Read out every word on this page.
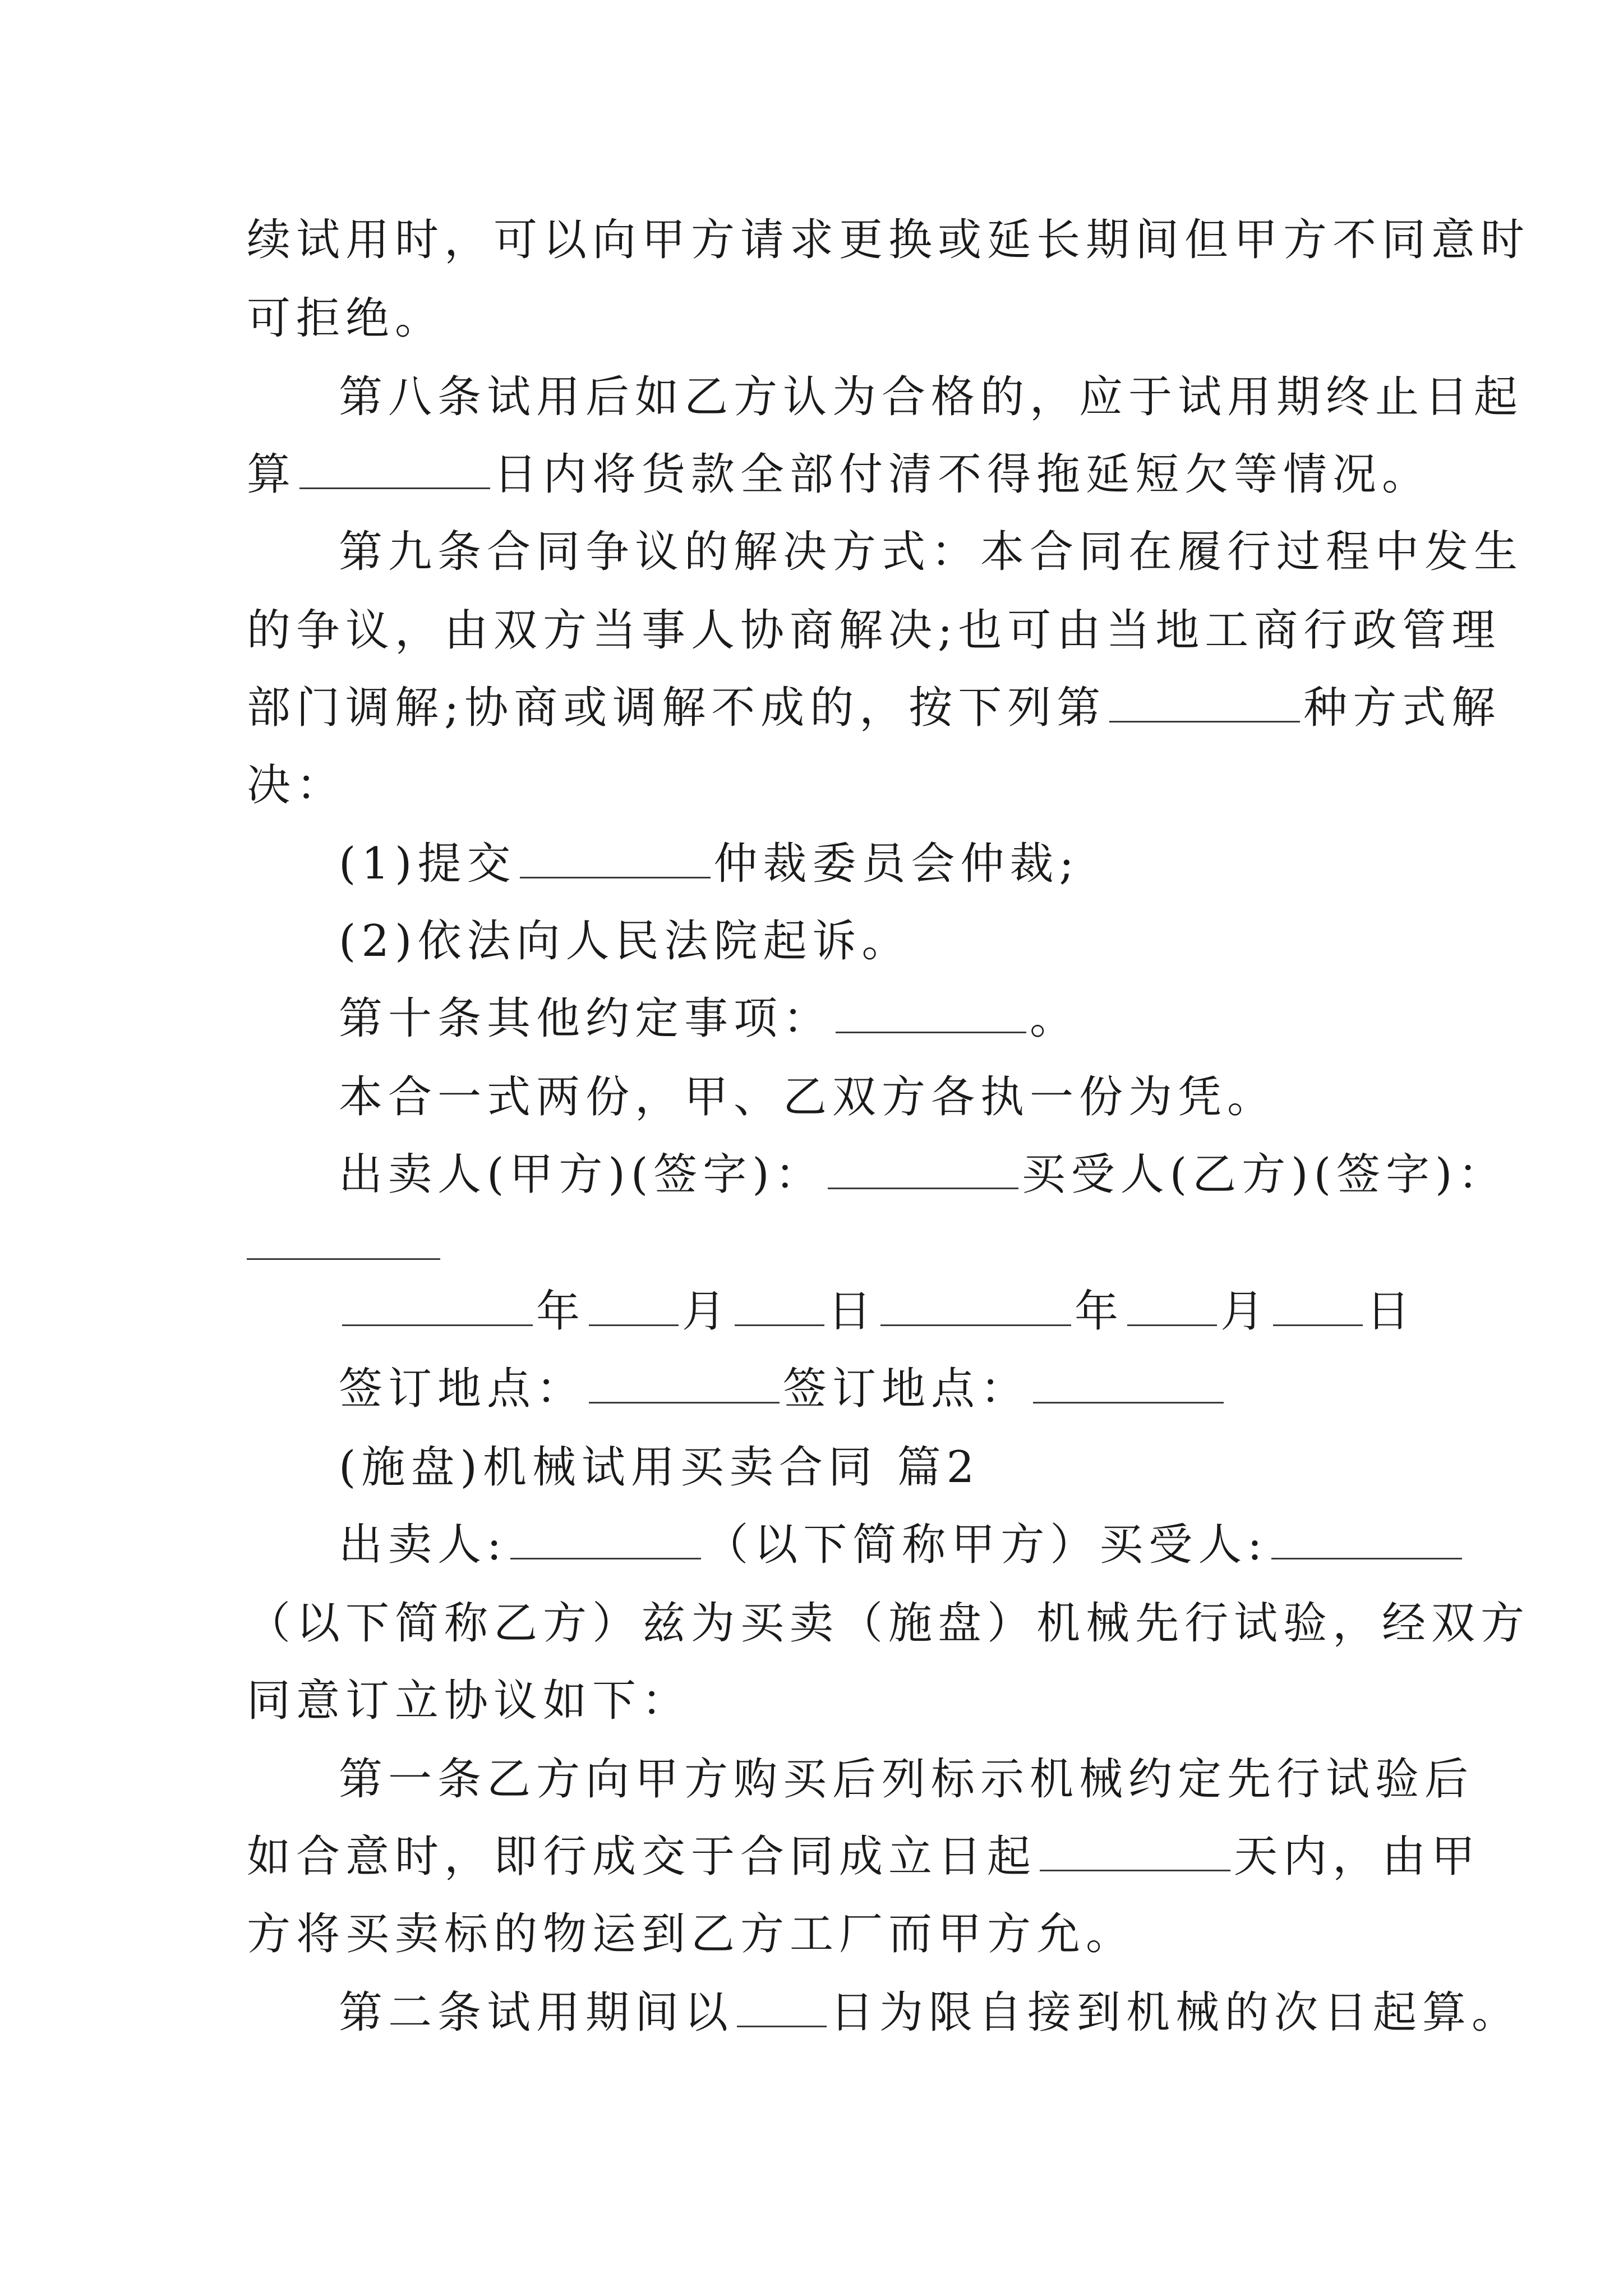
续试用时，可以向甲方请求更换或延长期间但甲方不同意时
可拒绝。
第八条试用后如乙方认为合格的，应于试用期终止日起
算	日内将货款全部付清不得拖延短欠等情况。
第九条合同争议的解决方式：本合同在履行过程中发生
的争议，由双方当事人协商解决;也可由当地工商行政管理
部门调解;协商或调解不成的，按下列第	种方式解
决：
(1)提交	仲裁委员会仲裁;
(2)依法向人民法院起诉。
第十条其他约定事项：	。
本合一式两份，甲、乙双方各执一份为凭。
出卖人(甲方)(签字)：	买受人(乙方)(签字)：
年 月 日	年 月 日
签订地点：	签订地点：
(施盘)机械试用买卖合同 篇2
出卖人:	（以下简称甲方）买受人:
（以下简称乙方）兹为买卖（施盘）机械先行试验，经双方
同意订立协议如下：
第一条乙方向甲方购买后列标示机械约定先行试验后
如合意时，即行成交于合同成立日起	天内，由甲
方将买卖标的物运到乙方工厂而甲方允。
第二条试用期间以 日为限自接到机械的次日起算。
